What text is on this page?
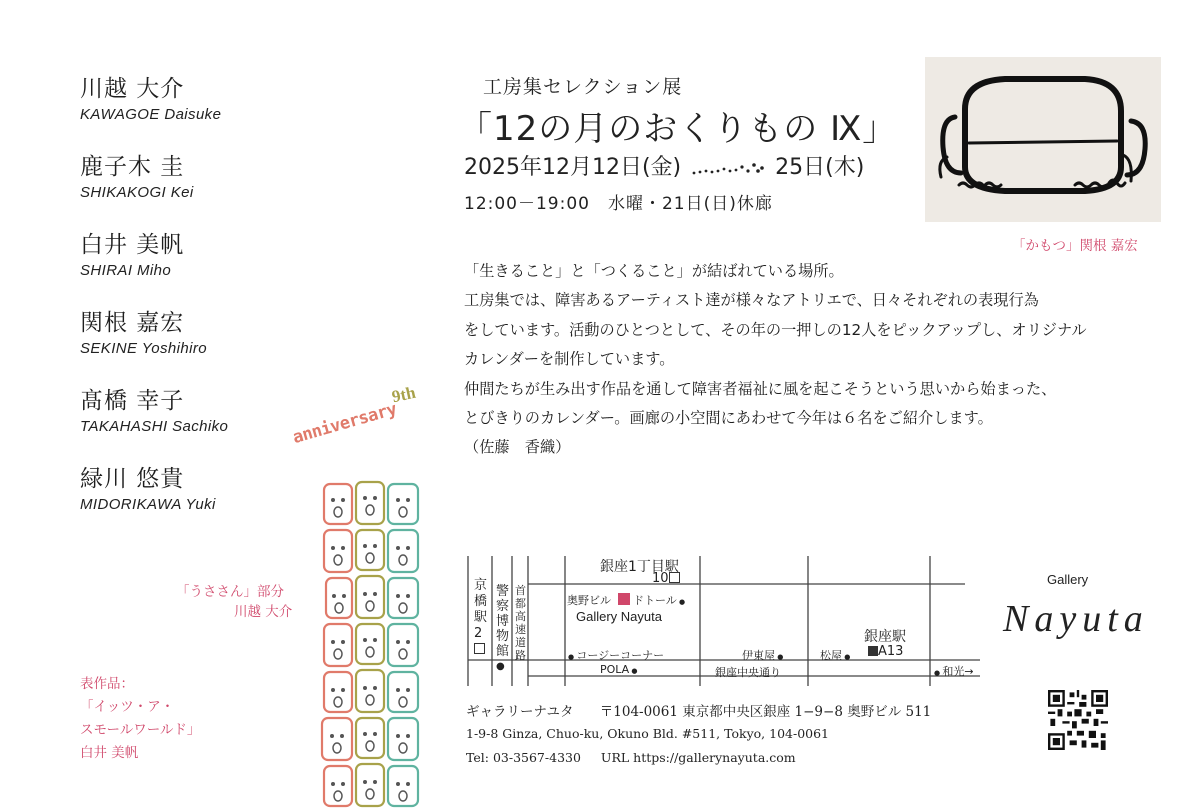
川越 大介
KAWAGOE Daisuke
鹿子木 圭
SHIKAKOGI Kei
白井 美帆
SHIRAI Miho
関根 嘉宏
SEKINE Yoshihiro
髙橋 幸子
TAKAHASHI Sachiko
緑川 悠貴
MIDORIKAWA Yuki
9th
anniversary
「うささん」部分
川越 大介
表作品：
「イッツ・ア・
スモールワールド」
白井 美帆
工房集セレクション展
「12の月のおくりもの Ⅸ」
2025年12月12日(金)	25日(木)
12:00－19:00　水曜・21日(日)休廊
「かもつ」関根 嘉宏

「生きること」と「つくること」が結ばれている場所。

工房集では、障害あるアーティスト達が様々なアトリエで、日々それぞれの表現行為

をしています。活動のひとつとして、その年の一押しの12人をピックアップし、オリジナル

カレンダーを制作しています。

仲間たちが生み出す作品を通して障害者福祉に風を起こそうという思いから始まった、

とびきりのカレンダー。画廊の小空間にあわせて今年は６名をご紹介します。

（佐藤　香織）

京
橋
駅
2
警
察
博
物
館
●
首
都
高
速
道
路
銀座1丁目駅
10
奥野ビル ドトール ●
Gallery Nayuta
● コージーコーナー
POLA ●
伊東屋 ●	松屋 ●
銀座駅
A13
銀座中央通り	● 和光→
Gallery
Nayuta
ギャラリーナユタ 〒104-0061 東京都中央区銀座 1−9−8 奥野ビル 511
1-9-8 Ginza, Chuo-ku, Okuno Bld. #511, Tokyo, 104-0061
Tel: 03-3567-4330 URL https://gallerynayuta.com
